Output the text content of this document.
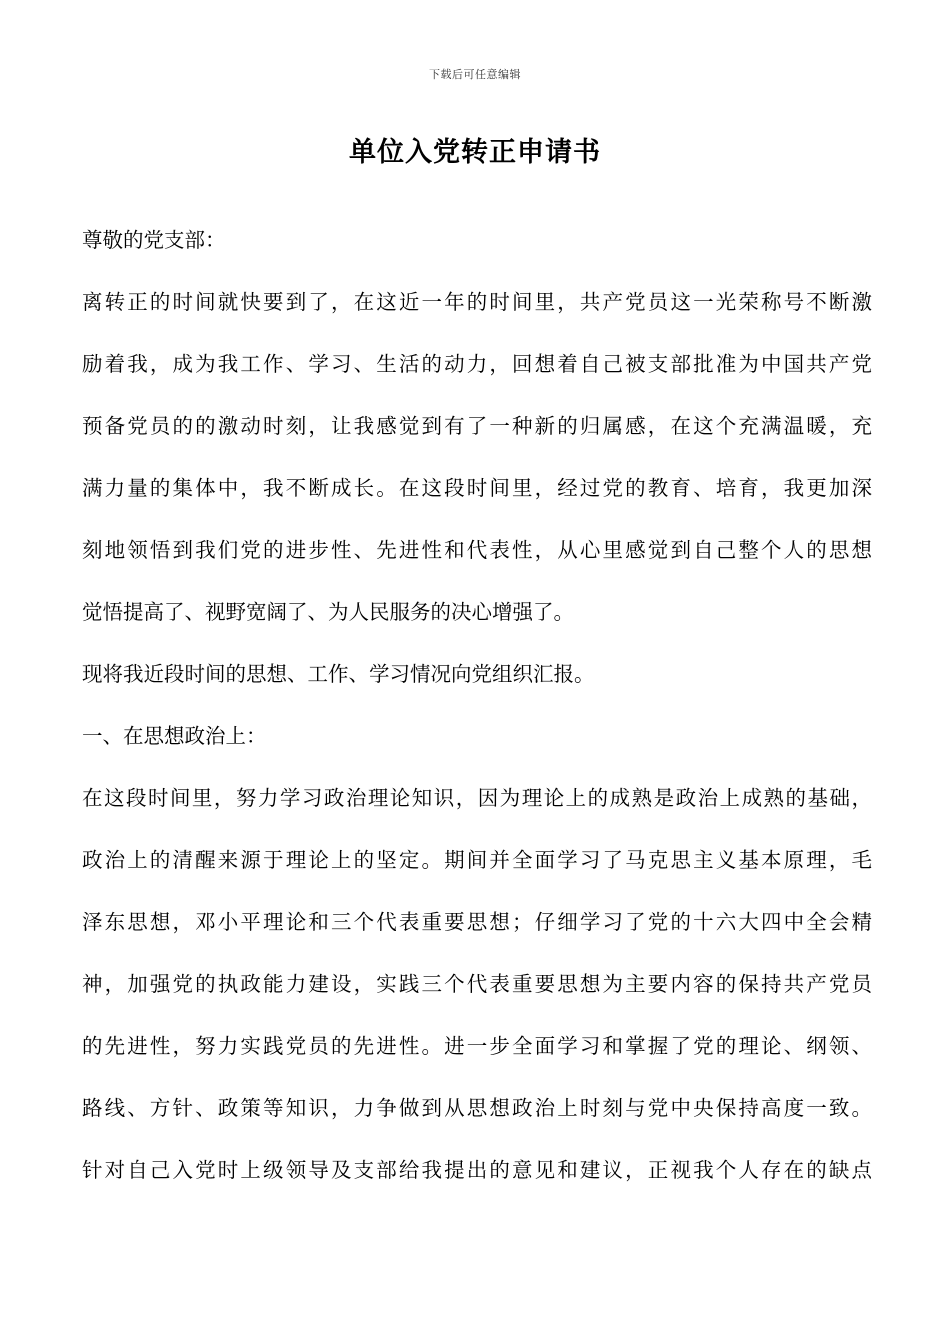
下载后可任意编辑
单位入党转正申请书
尊敬的党支部：
离转正的时间就快要到了，在这近一年的时间里，共产党员这一光荣称号不断激
励着我，成为我工作、学习、生活的动力，回想着自己被支部批准为中国共产党
预备党员的的激动时刻，让我感觉到有了一种新的归属感，在这个充满温暖，充
满力量的集体中，我不断成长。在这段时间里，经过党的教育、培育，我更加深
刻地领悟到我们党的进步性、先进性和代表性，从心里感觉到自己整个人的思想
觉悟提高了、视野宽阔了、为人民服务的决心增强了。
现将我近段时间的思想、工作、学习情况向党组织汇报。
一、在思想政治上：
在这段时间里，努力学习政治理论知识，因为理论上的成熟是政治上成熟的基础，
政治上的清醒来源于理论上的坚定。期间并全面学习了马克思主义基本原理，毛
泽东思想，邓小平理论和三个代表重要思想；仔细学习了党的十六大四中全会精
神，加强党的执政能力建设，实践三个代表重要思想为主要内容的保持共产党员
的先进性，努力实践党员的先进性。进一步全面学习和掌握了党的理论、纲领、
路线、方针、政策等知识，力争做到从思想政治上时刻与党中央保持高度一致。
针对自己入党时上级领导及支部给我提出的意见和建议，正视我个人存在的缺点
